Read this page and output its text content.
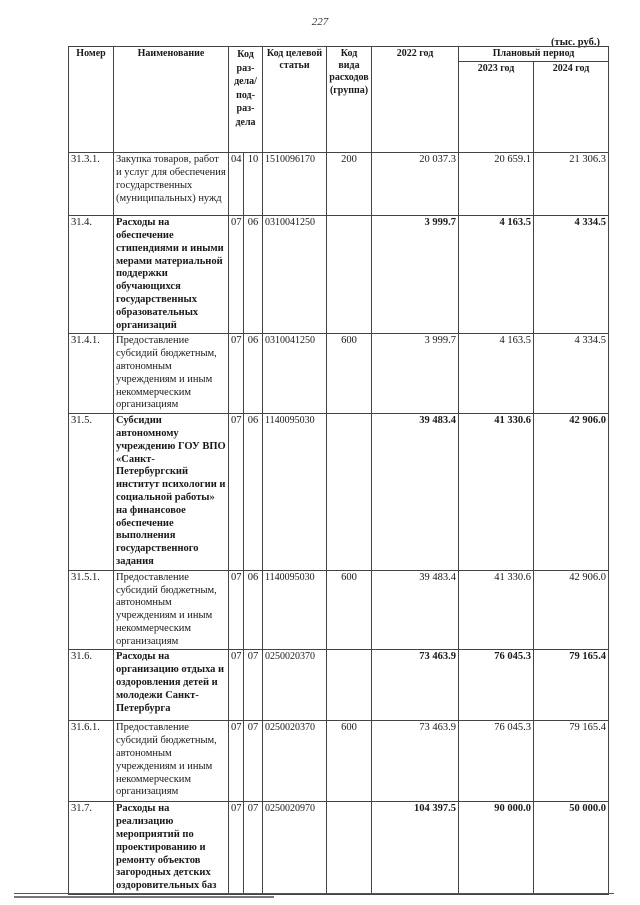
227
(тыс. руб.)
Номер	Наименование	Код раз-дела/ под-раз-дела		Код целевой статьи	Код вида расходов (группа)	2022 год	Плановый период	
							2023 год	2024 год
31.3.1.	Закупка товаров, работ и услуг для обеспечения государственных (муниципальных) нужд	04	10	1510096170	200	20 037.3	20 659.1	21 306.3
31.4.	Расходы на обеспечение стипендиями и иными мерами материальной поддержки обучающихся государственных образовательных организаций	07	06	0310041250		3 999.7	4 163.5	4 334.5
31.4.1.	Предоставление субсидий бюджетным, автономным учреждениям и иным некоммерческим организациям	07	06	0310041250	600	3 999.7	4 163.5	4 334.5
31.5.	Субсидии автономному учреждению ГОУ ВПО «Санкт-Петербургский институт психологии и социальной работы» на финансовое обеспечение выполнения государственного задания	07	06	1140095030		39 483.4	41 330.6	42 906.0
31.5.1.	Предоставление субсидий бюджетным, автономным учреждениям и иным некоммерческим организациям	07	06	1140095030	600	39 483.4	41 330.6	42 906.0
31.6.	Расходы на организацию отдыха и оздоровления детей и молодежи Санкт-Петербурга	07	07	0250020370		73 463.9	76 045.3	79 165.4
31.6.1.	Предоставление субсидий бюджетным, автономным учреждениям и иным некоммерческим организациям	07	07	0250020370	600	73 463.9	76 045.3	79 165.4
31.7.	Расходы на реализацию мероприятий по проектированию и ремонту объектов загородных детских оздоровительных баз	07	07	0250020970		104 397.5	90 000.0	50 000.0
